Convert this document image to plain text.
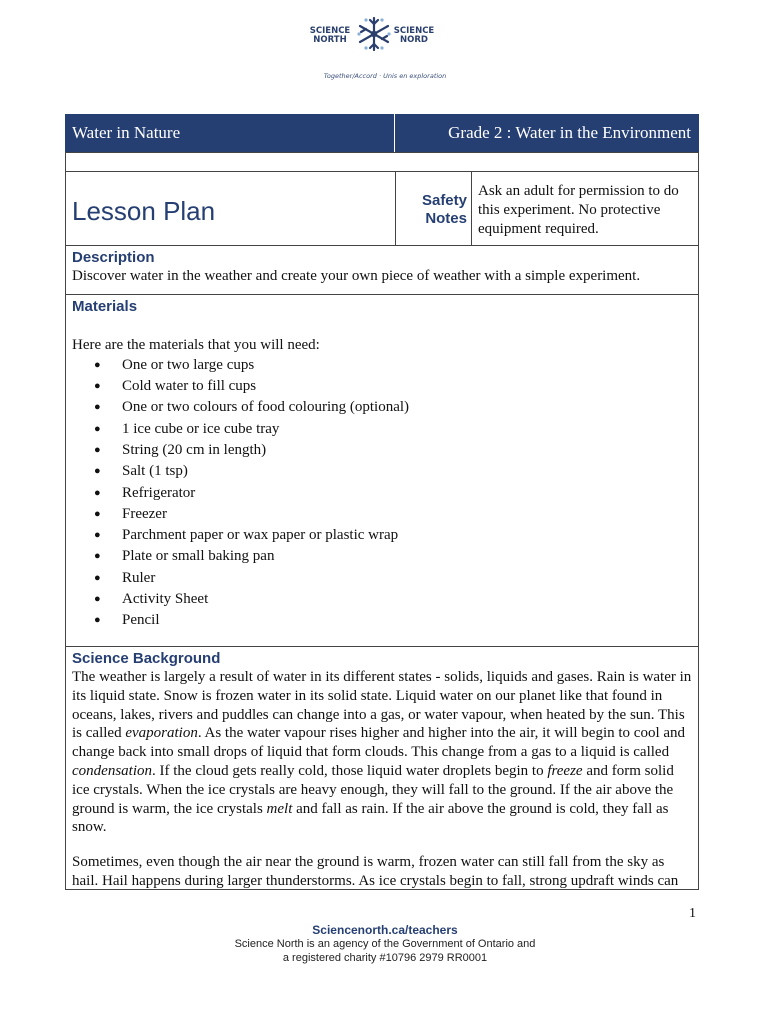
SCIENCE
NORTH
SCIENCE
NORD
Together/Accord · Unis en exploration
Water in Nature	Grade 2 : Water in the Environment
Lesson Plan	Safety
Notes
Ask an adult for permission to do this experiment. No protective equipment required.
Description
Discover water in the weather and create your own piece of weather with a simple experiment.
Materials
Here are the materials that you will need:
● One or two large cups
● Cold water to fill cups
● One or two colours of food colouring (optional)
● 1 ice cube or ice cube tray
● String (20 cm in length)
● Salt (1 tsp)
● Refrigerator
● Freezer
● Parchment paper or wax paper or plastic wrap
● Plate or small baking pan
● Ruler
● Activity Sheet
● Pencil
Science Background
The weather is largely a result of water in its different states - solids, liquids and gases. Rain is water in its liquid state. Snow is frozen water in its solid state. Liquid water on our planet like that found in oceans, lakes, rivers and puddles can change into a gas, or water vapour, when heated by the sun. This is called evaporation. As the water vapour rises higher and higher into the air, it will begin to cool and change back into small drops of liquid that form clouds. This change from a gas to a liquid is called condensation. If the cloud gets really cold, those liquid water droplets begin to freeze and form solid ice crystals. When the ice crystals are heavy enough, they will fall to the ground. If the air above the ground is warm, the ice crystals melt and fall as rain. If the air above the ground is cold, they fall as snow.
Sometimes, even though the air near the ground is warm, frozen water can still fall from the sky as hail. Hail happens during larger thunderstorms. As ice crystals begin to fall, strong updraft winds can
1
Sciencenorth.ca/teachers
Science North is an agency of the Government of Ontario and
a registered charity #10796 2979 RR0001
